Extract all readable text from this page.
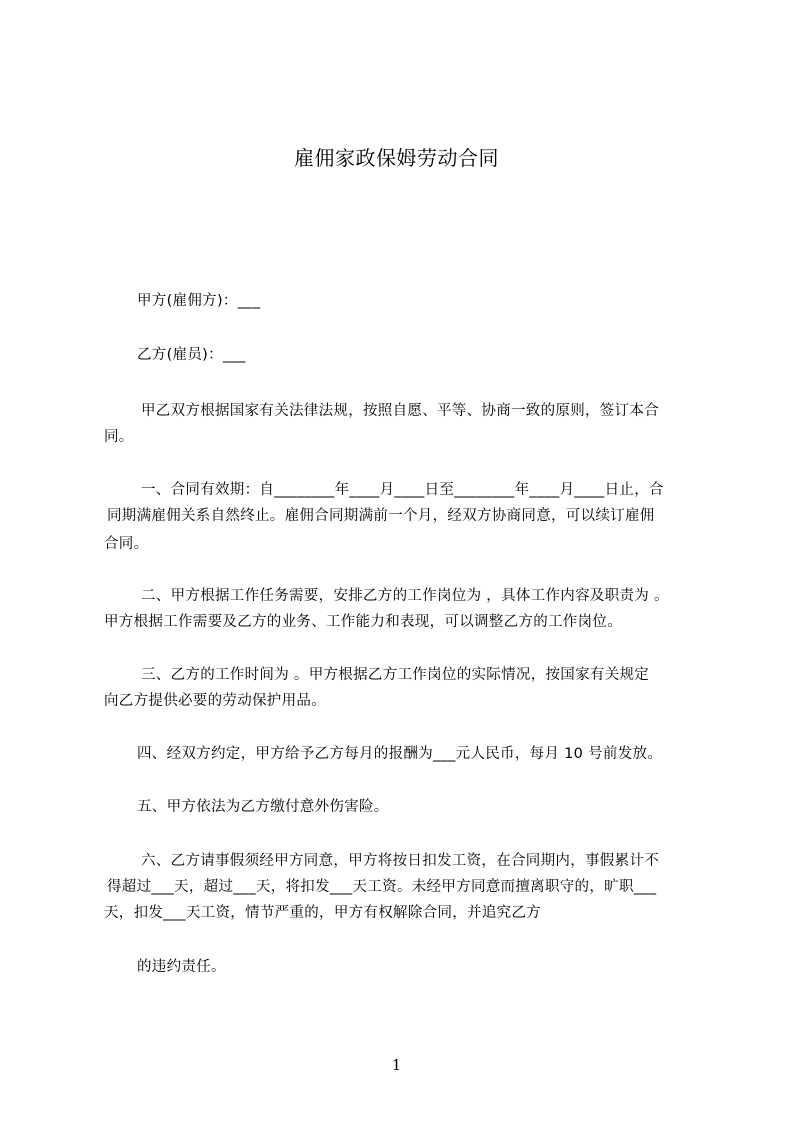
雇佣家政保姆劳动合同

甲方(雇佣方)：___

乙方(雇员)：___

甲乙双方根据国家有关法律法规，按照自愿、平等、协商一致的原则，签订本合

同。

一、合同有效期：自________年____月____日至________年____月____日止，合

同期满雇佣关系自然终止。雇佣合同期满前一个月，经双方协商同意，可以续订雇佣

合同。

二、甲方根据工作任务需要，安排乙方的工作岗位为 ，具体工作内容及职责为 。

甲方根据工作需要及乙方的业务、工作能力和表现，可以调整乙方的工作岗位。

三、乙方的工作时间为 。甲方根据乙方工作岗位的实际情况，按国家有关规定

向乙方提供必要的劳动保护用品。

四、经双方约定，甲方给予乙方每月的报酬为___元人民币，每月 10 号前发放。

五、甲方依法为乙方缴付意外伤害险。

六、乙方请事假须经甲方同意，甲方将按日扣发工资，在合同期内，事假累计不

得超过___天，超过___天，将扣发___天工资。未经甲方同意而擅离职守的，旷职___

天，扣发___天工资，情节严重的，甲方有权解除合同，并追究乙方

的违约责任。

1
